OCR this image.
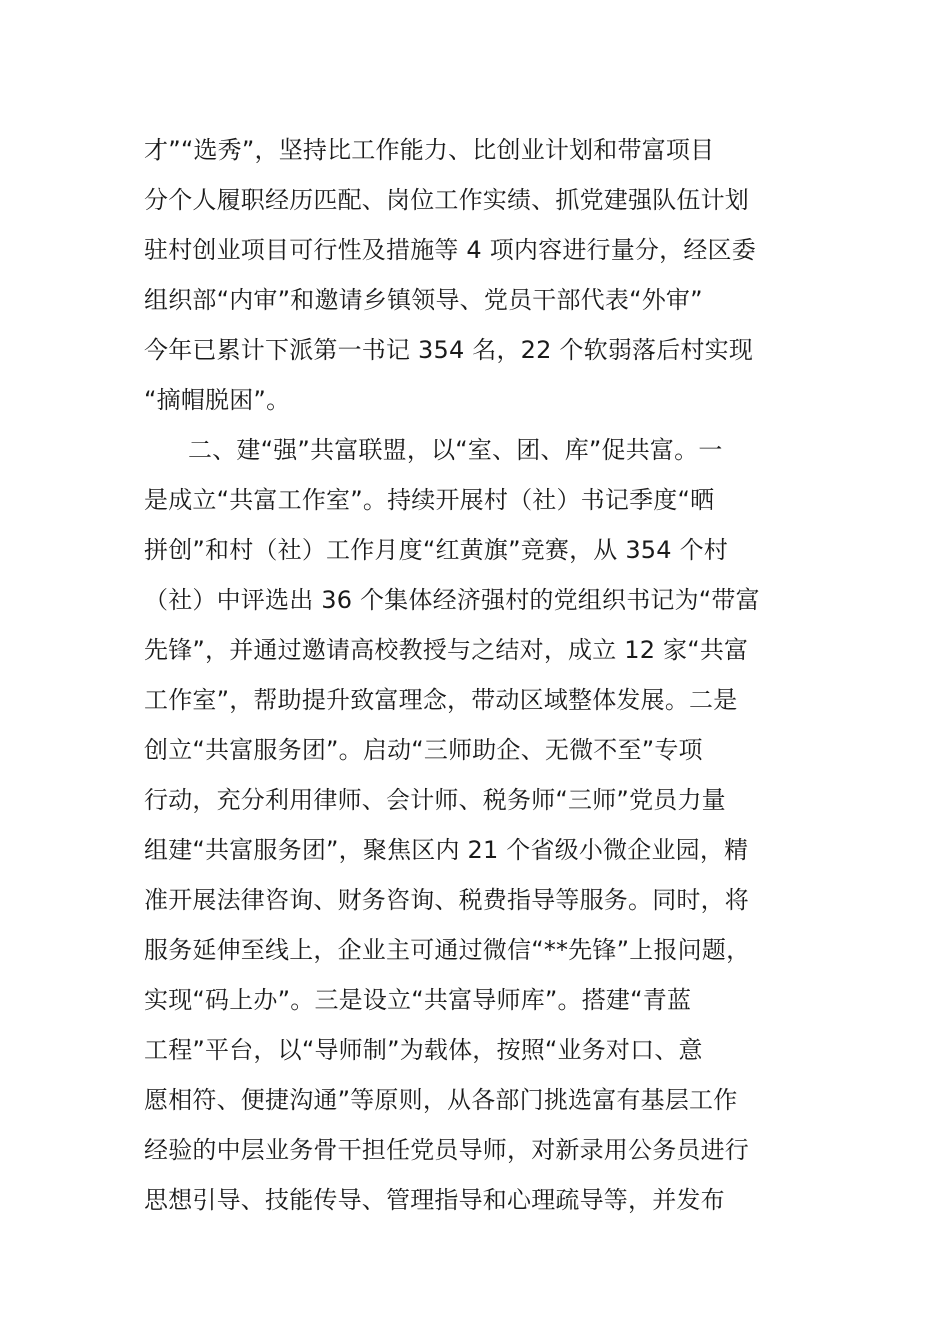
才”“选秀”，坚持比工作能力、比创业计划和带富项目
分个人履职经历匹配、岗位工作实绩、抓党建强队伍计划
驻村创业项目可行性及措施等 4 项内容进行量分，经区委
组织部“内审”和邀请乡镇领导、党员干部代表“外审”
今年已累计下派第一书记 354 名，22 个软弱落后村实现
“摘帽脱困”。
二、建“强”共富联盟，以“室、团、库”促共富。一
是成立“共富工作室”。持续开展村（社）书记季度“晒
拼创”和村（社）工作月度“红黄旗”竞赛，从 354 个村
（社）中评选出 36 个集体经济强村的党组织书记为“带富
先锋”，并通过邀请高校教授与之结对，成立 12 家“共富
工作室”，帮助提升致富理念，带动区域整体发展。二是
创立“共富服务团”。启动“三师助企、无微不至”专项
行动，充分利用律师、会计师、税务师“三师”党员力量
组建“共富服务团”，聚焦区内 21 个省级小微企业园，精
准开展法律咨询、财务咨询、税费指导等服务。同时，将
服务延伸至线上，企业主可通过微信“**先锋”上报问题，
实现“码上办”。三是设立“共富导师库”。搭建“青蓝
工程”平台，以“导师制”为载体，按照“业务对口、意
愿相符、便捷沟通”等原则，从各部门挑选富有基层工作
经验的中层业务骨干担任党员导师，对新录用公务员进行
思想引导、技能传导、管理指导和心理疏导等，并发布
